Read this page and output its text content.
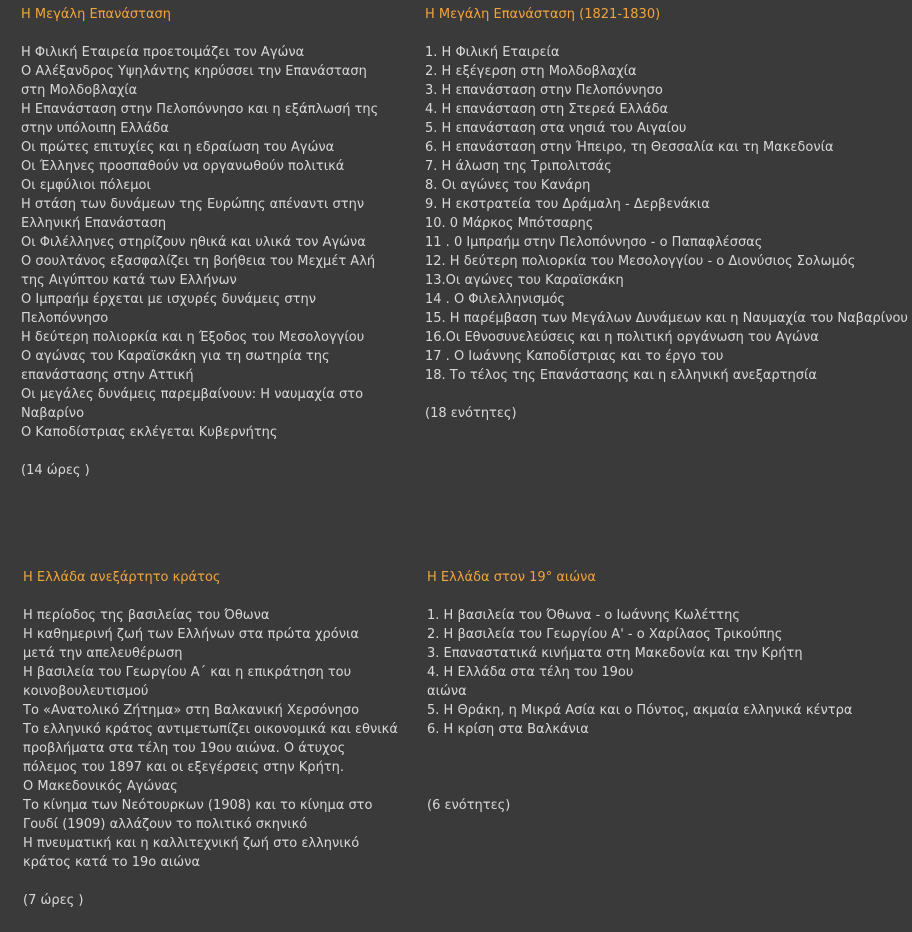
Η Μεγάλη Επανάσταση
Η Φιλική Εταιρεία προετοιμάζει τον Αγώνα
Ο Αλέξανδρος Υψηλάντης κηρύσσει την Επανάσταση
στη Μολδοβλαχία
Η Επανάσταση στην Πελοπόννησο και η εξάπλωσή της
στην υπόλοιπη Ελλάδα
Οι πρώτες επιτυχίες και η εδραίωση του Αγώνα
Οι Έλληνες προσπαθούν να οργανωθούν πολιτικά
Οι εμφύλιοι πόλεμοι
Η στάση των δυνάμεων της Ευρώπης απέναντι στην
Ελληνική Επανάσταση
Οι Φιλέλληνες στηρίζουν ηθικά και υλικά τον Αγώνα
Ο σουλτάνος εξασφαλίζει τη βοήθεια του Μεχμέτ Αλή
της Αιγύπτου κατά των Ελλήνων
Ο Ιμπραήμ έρχεται με ισχυρές δυνάμεις στην
Πελοπόννησο
Η δεύτερη πολιορκία και η Έξοδος του Μεσολογγίου
Ο αγώνας του Καραϊσκάκη για τη σωτηρία της
επανάστασης στην Αττική
Οι μεγάλες δυνάμεις παρεμβαίνουν: Η ναυμαχία στο
Ναβαρίνο
Ο Καποδίστριας εκλέγεται Κυβερνήτης
(14 ώρες )
Η Μεγάλη Επανάσταση (1821-1830)
1. Η Φιλική Εταιρεία
2. Η εξέγερση στη Μολδοβλαχία
3. Η επανάσταση στην Πελοπόννησο
4. Η επανάσταση στη Στερεά Ελλάδα
5. Η επανάσταση στα νησιά του Αιγαίου
6. Η επανάσταση στην Ήπειρο, τη Θεσσαλία και τη Μακεδονία
7. Η άλωση της Τριπολιτσάς
8. Οι αγώνες του Κανάρη
9. Η εκστρατεία του Δράμαλη - Δερβενάκια
10. 0 Μάρκος Μπότσαρης
11 . 0 Ιμπραήμ στην Πελοπόννησο - ο Παπαφλέσσας
12. Η δεύτερη πολιορκία του Μεσολογγίου - ο Διονύσιος Σολωμός
13.Οι αγώνες του Καραϊσκάκη
14 . Ο Φιλελληνισμός
15. Η παρέμβαση των Μεγάλων Δυνάμεων και η Ναυμαχία του Ναβαρίνου
16.Οι Εθνοσυνελεύσεις και η πολιτική οργάνωση του Αγώνα
17 . Ο Ιωάννης Καποδίστριας και το έργο του
18. Το τέλος της Επανάστασης και η ελληνική ανεξαρτησία
(18 ενότητες)
Η Ελλάδα ανεξάρτητο κράτος
Η περίοδος της βασιλείας του Όθωνα
Η καθημερινή ζωή των Ελλήνων στα πρώτα χρόνια
μετά την απελευθέρωση
Η βασιλεία του Γεωργίου Α΄ και η επικράτηση του
κοινοβουλευτισμού
Το «Ανατολικό Ζήτημα» στη Βαλκανική Χερσόνησο
Το ελληνικό κράτος αντιμετωπίζει οικονομικά και εθνικά
προβλήματα στα τέλη του 19ου αιώνα. Ο άτυχος
πόλεμος του 1897 και οι εξεγέρσεις στην Κρήτη.
Ο Μακεδονικός Αγώνας
Το κίνημα των Νεότουρκων (1908) και το κίνημα στο
Γουδί (1909) αλλάζουν το πολιτικό σκηνικό
Η πνευματική και η καλλιτεχνική ζωή στο ελληνικό
κράτος κατά το 19ο αιώνα
(7 ώρες )
Η Ελλάδα στον 19° αιώνα
1. Η βασιλεία του Όθωνα - ο Ιωάννης Κωλέττης
2. Η βασιλεία του Γεωργίου Α' - ο Χαρίλαος Τρικούπης
3. Επαναστατικά κινήματα στη Μακεδονία και την Κρήτη
4. Η Ελλάδα στα τέλη του 19ου
αιώνα
5. Η Θράκη, η Μικρά Ασία και ο Πόντος, ακμαία ελληνικά κέντρα
6. Η κρίση στα Βαλκάνια

(6 ενότητες)
